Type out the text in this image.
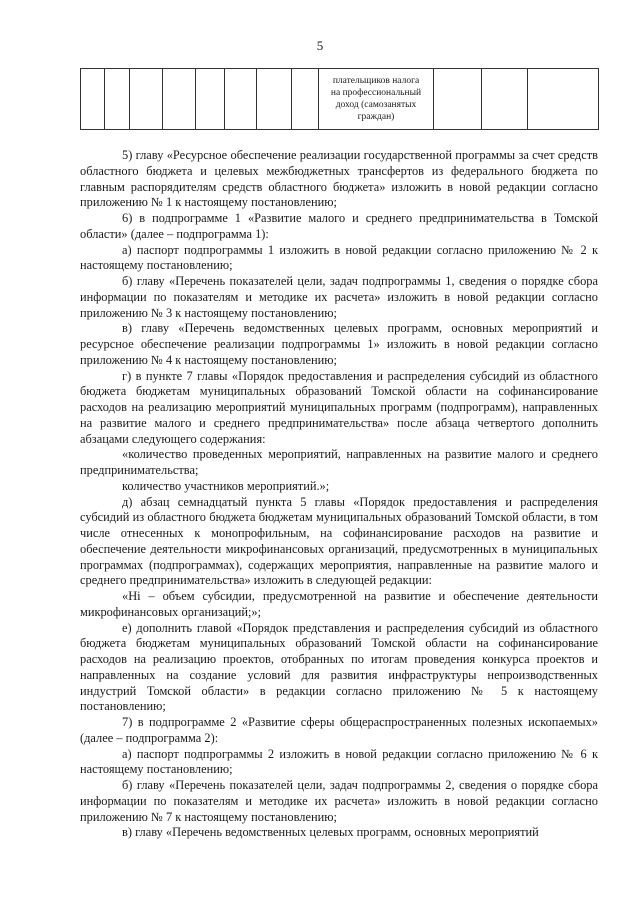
5

плательщиков налога
на профессиональный
доход (самозанятых
граждан)

5) главу «Ресурсное обеспечение реализации государственной программы за счет средств областного бюджета и целевых межбюджетных трансфертов из федерального бюджета по главным распорядителям средств областного бюджета» изложить в новой редакции согласно приложению № 1 к настоящему постановлению;

6) в подпрограмме 1 «Развитие малого и среднего предпринимательства в Томской области» (далее – подпрограмма 1):

а) паспорт подпрограммы 1 изложить в новой редакции согласно приложению № 2 к настоящему постановлению;

б) главу «Перечень показателей цели, задач подпрограммы 1, сведения о порядке сбора информации по показателям и методике их расчета» изложить в новой редакции согласно приложению № 3 к настоящему постановлению;

в) главу «Перечень ведомственных целевых программ, основных мероприятий и ресурсное обеспечение реализации подпрограммы 1» изложить в новой редакции согласно приложению № 4 к настоящему постановлению;

г) в пункте 7 главы «Порядок предоставления и распределения субсидий из областного бюджета бюджетам муниципальных образований Томской области на софинансирование расходов на реализацию мероприятий муниципальных программ (подпрограмм), направленных на развитие малого и среднего предпринимательства» после абзаца четвертого дополнить абзацами следующего содержания:

«количество проведенных мероприятий, направленных на развитие малого и среднего предпринимательства;

количество участников мероприятий.»;

д) абзац семнадцатый пункта 5 главы «Порядок предоставления и распределения субсидий из областного бюджета бюджетам муниципальных образований Томской области, в том числе отнесенных к монопрофильным, на софинансирование расходов на развитие и обеспечение деятельности микрофинансовых организаций, предусмотренных в муниципальных программах (подпрограммах), содержащих мероприятия, направленные на развитие малого и среднего предпринимательства» изложить в следующей редакции:

«Hi – объем субсидии, предусмотренной на развитие и обеспечение деятельности микрофинансовых организаций;»;

е) дополнить главой «Порядок представления и распределения субсидий из областного бюджета бюджетам муниципальных образований Томской области на софинансирование расходов на реализацию проектов, отобранных по итогам проведения конкурса проектов и направленных на создание условий для развития инфраструктуры непроизводственных индустрий Томской области» в редакции согласно приложению № 5 к настоящему постановлению;

7) в подпрограмме 2 «Развитие сферы общераспространенных полезных ископаемых» (далее – подпрограмма 2):

а) паспорт подпрограммы 2 изложить в новой редакции согласно приложению № 6 к настоящему постановлению;

б) главу «Перечень показателей цели, задач подпрограммы 2, сведения о порядке сбора информации по показателям и методике их расчета» изложить в новой редакции согласно приложению № 7 к настоящему постановлению;

в) главу «Перечень ведомственных целевых программ, основных мероприятий
